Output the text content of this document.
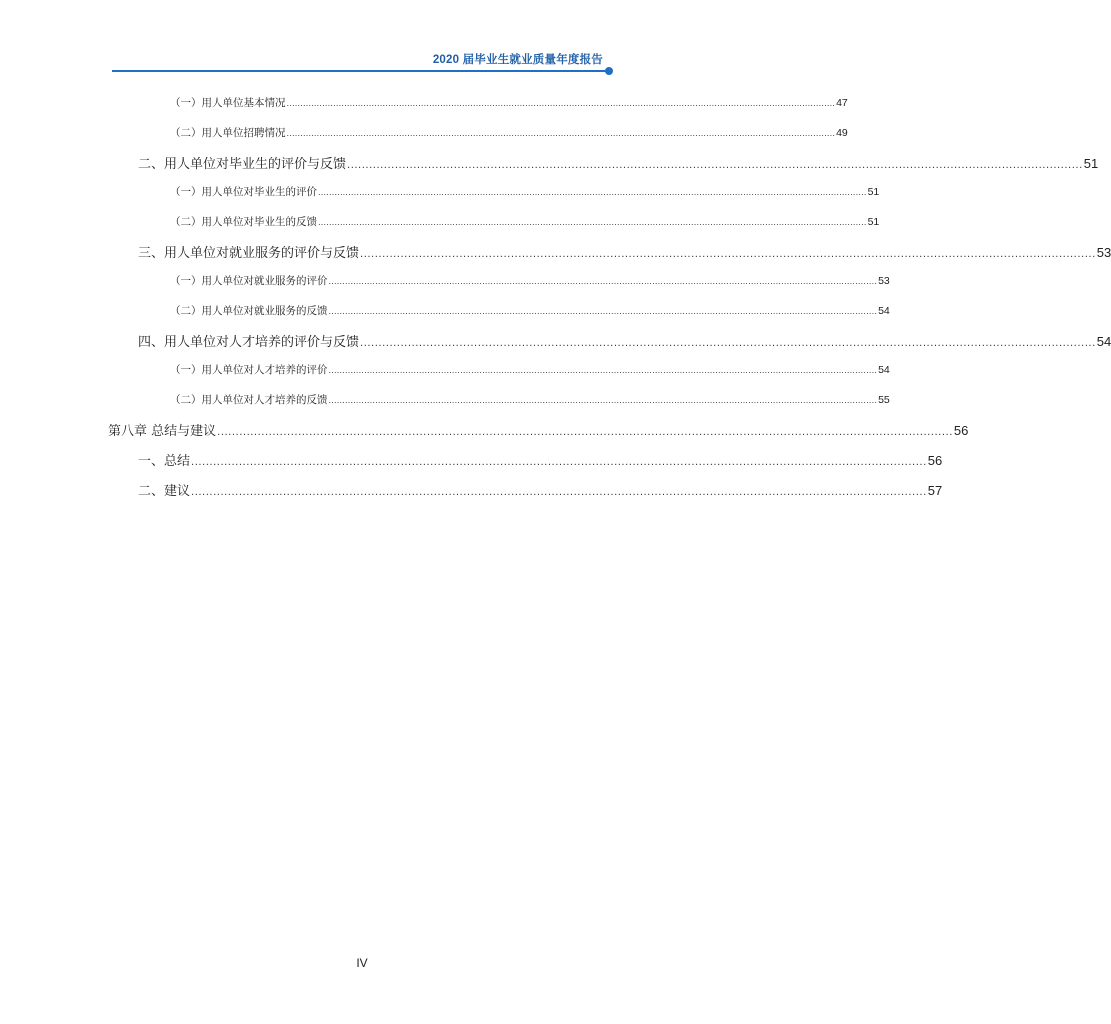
2020 届毕业生就业质量年度报告
（一）用人单位基本情况 ........................................................................................................................................................................................................ 47
（二）用人单位招聘情况 ........................................................................................................................................................................................................ 49
二、用人单位对毕业生的评价与反馈 ........................................................................................................................................................................................................ 51
（一）用人单位对毕业生的评价 ........................................................................................................................................................................................................ 51
（二）用人单位对毕业生的反馈 ........................................................................................................................................................................................................ 51
三、用人单位对就业服务的评价与反馈 ........................................................................................................................................................................................................ 53
（一）用人单位对就业服务的评价 ........................................................................................................................................................................................................ 53
（二）用人单位对就业服务的反馈 ........................................................................................................................................................................................................ 54
四、用人单位对人才培养的评价与反馈 ........................................................................................................................................................................................................ 54
（一）用人单位对人才培养的评价 ........................................................................................................................................................................................................ 54
（二）用人单位对人才培养的反馈 ........................................................................................................................................................................................................ 55
第八章 总结与建议 ........................................................................................................................................................................................................ 56
一、总结 ........................................................................................................................................................................................................ 56
二、建议 ........................................................................................................................................................................................................ 57
IV
